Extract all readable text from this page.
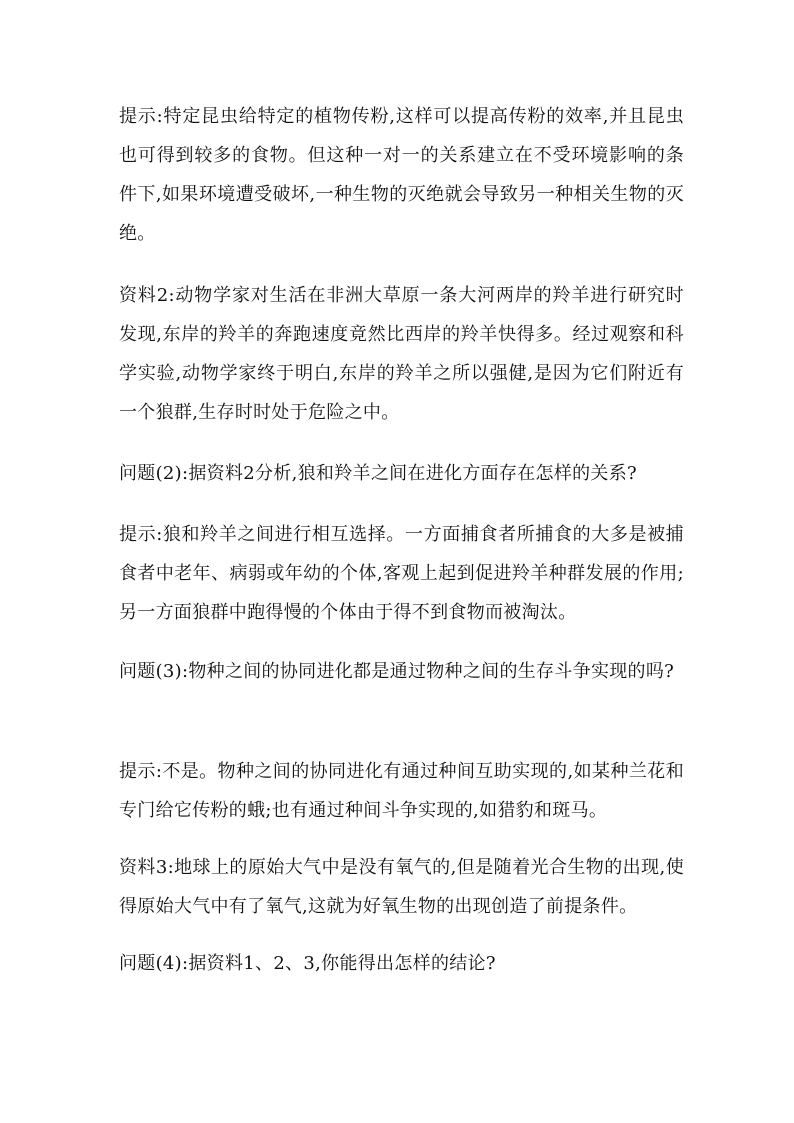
提示:特定昆虫给特定的植物传粉,这样可以提高传粉的效率,并且昆虫也可得到较多的食物。但这种一对一的关系建立在不受环境影响的条件下,如果环境遭受破坏,一种生物的灭绝就会导致另一种相关生物的灭绝。

资料2:动物学家对生活在非洲大草原一条大河两岸的羚羊进行研究时发现,东岸的羚羊的奔跑速度竟然比西岸的羚羊快得多。经过观察和科学实验,动物学家终于明白,东岸的羚羊之所以强健,是因为它们附近有一个狼群,生存时时处于危险之中。

问题(2):据资料2分析,狼和羚羊之间在进化方面存在怎样的关系?

提示:狼和羚羊之间进行相互选择。一方面捕食者所捕食的大多是被捕食者中老年、病弱或年幼的个体,客观上起到促进羚羊种群发展的作用;另一方面狼群中跑得慢的个体由于得不到食物而被淘汰。

问题(3):物种之间的协同进化都是通过物种之间的生存斗争实现的吗?

提示:不是。物种之间的协同进化有通过种间互助实现的,如某种兰花和专门给它传粉的蛾;也有通过种间斗争实现的,如猎豹和斑马。

资料3:地球上的原始大气中是没有氧气的,但是随着光合生物的出现,使得原始大气中有了氧气,这就为好氧生物的出现创造了前提条件。

问题(4):据资料1、2、3,你能得出怎样的结论?
